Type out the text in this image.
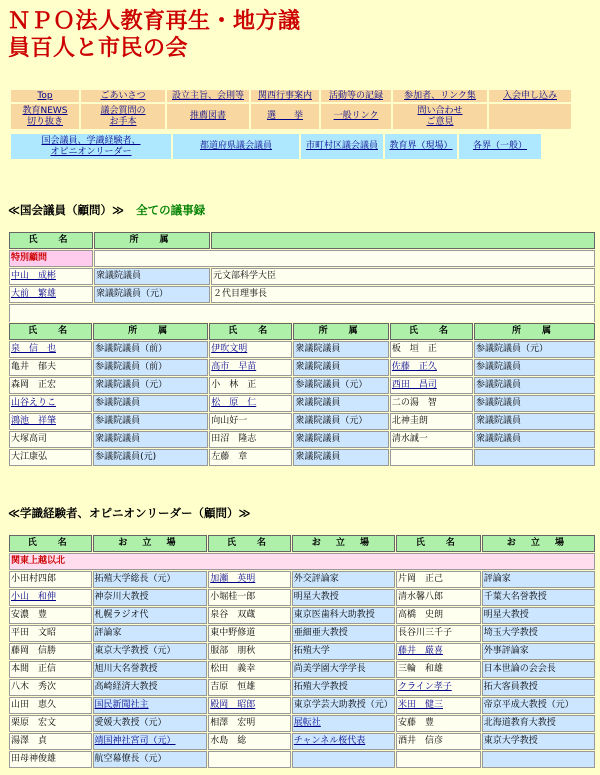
ＮＰＯ法人教育再生・地方議
員百人と市民の会
Top	ごあいさつ	設立主旨、会則等 関西行事案内 活動等の記録 参加者、リンク集	入会申し込み
教育NEWS
切り抜き
議会質問の
お手本
推薦図書	選　　挙	一般リンク
問い合わせ
ご意見
国会議員、学識経験者、
オピニオンリーダー
都道府県議会議員	市町村区議会議員 教育界（現場） 各界（一般）
≪国会議員（顧問）≫ 全ての議事録
氏　名	所　属	
特別顧問		
中山　成彬	衆議院議員	元文部科学大臣
大前　繁雄	衆議院議員（元）	２代目理事長

氏　名	所　属	氏　名	所　属	氏　名	所　属
泉　信　也	参議院議員（前）	伊吹文明	衆議院議員	板　垣　正	参議院議員（元）
亀井　郁夫	参議院議員（前）	高市　早苗	衆議院議員	佐藤　正久	参議院議員
森岡　正宏	衆議院議員（元）	小　林　正	参議院議員（元）	西田　昌司	参議院議員
山谷えりこ	参議院議員	松　原　仁	衆議院議員	二の湯　智	参議院議員
鴻池　祥肇	参議院議員	向山好一	衆議院議員（元）	北神圭朗	衆議院議員
大塚高司	衆議院議員	田沼　隆志	衆議院議員	清水誠一	衆議院議員
大江康弘	参議院議員(元)	左藤　章	衆議院議員		
≪学識経験者、オピニオンリーダー（顧問）≫
氏　名	お 立 場	氏　名	お 立 場	氏　名	お 立 場
関東上越以北					
小田村四郎	拓殖大学総長（元）	加瀬　英明	外交評論家	片岡　正己	評論家
小山　和伸	神奈川大教授	小堀桂一郎	明星大教授	清水馨八郎	千葉大名誉教授
安濃　豊	札幌ラジオ代	泉谷　双蔵	東京医歯科大助教授	高橋　史朗	明星大教授
平田　文昭	評論家	東中野修道	亜細亜大教授	長谷川三千子	埼玉大学教授
藤岡　信勝	東京大学教授（元）	服部　朋秋	拓殖大学	藤井　厳喜	外事評論家
本間　正信	旭川大名誉教授	松田　義幸	尚美学園大学学長	三輪　和雄	日本世論の会会長
八木　秀次	高崎経済大教授	吉原　恒雄	拓殖大学教授	クライン孝子	拓大客員教授
山田　恵久	国民新聞社主	殿岡　昭郎	東京学芸大助教授（元）	米田　健三	帝京平成大教授（元）
栗原　宏文	愛媛大教授（元）	相澤　宏明	展転社	安藤　豊	北海道教育大教授
湯澤　貞	靖国神社宮司（元）	水島　総	チャンネル桜代表	酒井　信彦	東京大学教授
田母神俊雄	航空幕僚長（元）				
